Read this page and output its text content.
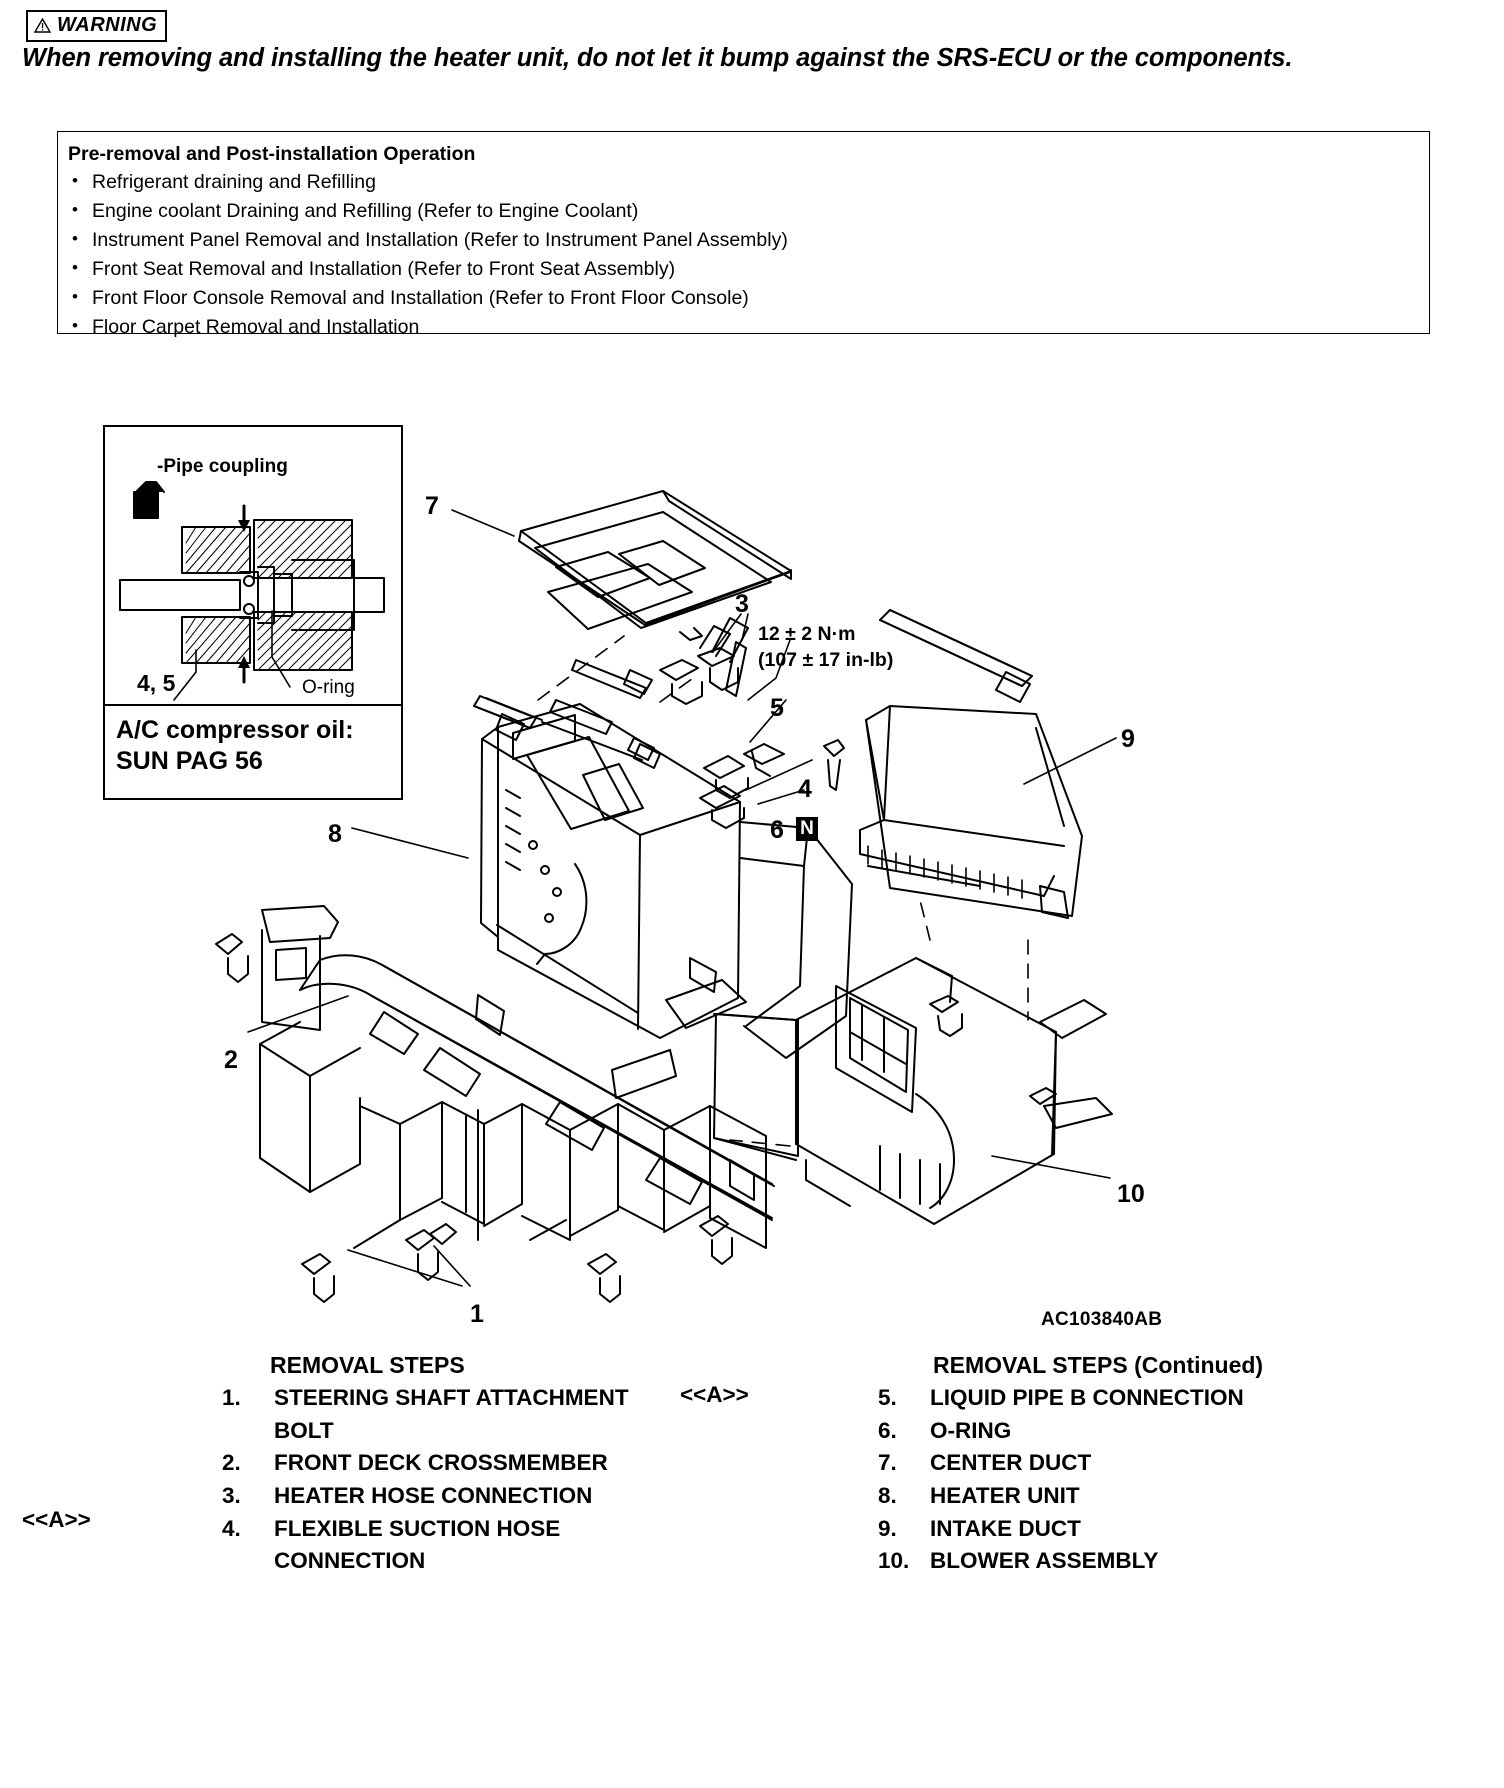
WARNING
When removing and installing the heater unit, do not let it bump against the SRS-ECU or the components.
Pre-removal and Post-installation Operation
• Refrigerant draining and Refilling
• Engine coolant Draining and Refilling (Refer to Engine Coolant)
• Instrument Panel Removal and Installation (Refer to Instrument Panel Assembly)
• Front Seat Removal and Installation (Refer to Front Seat Assembly)
• Front Floor Console Removal and Installation (Refer to Front Floor Console)
• Floor Carpet Removal and Installation
-Pipe coupling
O-ring
4, 5
A/C compressor oil:
SUN PAG 56
7
3
5
4
6
9
8
2
10
1
12 ± 2 N·m
(107 ± 17 in-lb)
N
AC103840AB
REMOVAL STEPS	REMOVAL STEPS (Continued)
<<A>>
<<A>>
1.	STEERING SHAFT ATTACHMENT BOLT
2.	FRONT DECK CROSSMEMBER
3.	HEATER HOSE CONNECTION
4.	FLEXIBLE SUCTION HOSE CONNECTION
5.	LIQUID PIPE B CONNECTION
6.	O-RING
7.	CENTER DUCT
8.	HEATER UNIT
9.	INTAKE DUCT
10. BLOWER ASSEMBLY
